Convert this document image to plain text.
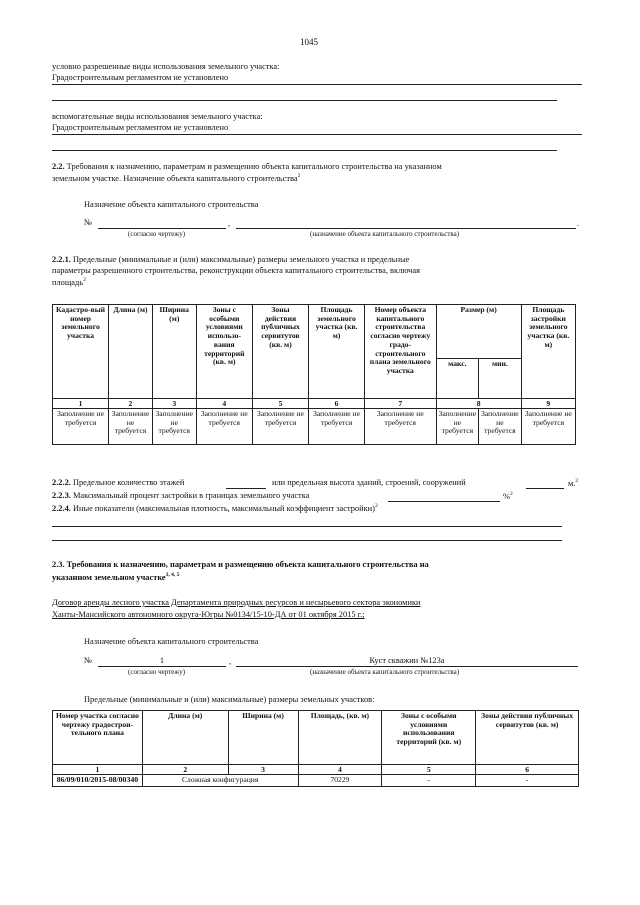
1045
условно разрешенные виды использования земельного участка:
Градостроительным регламентом не установлено
вспомогательные виды использования земельного участка:
Градостроительным регламентом не установлено
2.2. Требования к назначению, параметрам и размещению объекта капитального строительства на указанном
земельном участке. Назначение объекта капитального строительства$^2$
Назначение объекта капитального строительства
№	,	.
(согласно чертежу)	(назначение объекта капитального строительства)
2.2.1. Предельные (минимальные и (или) максимальные) размеры земельного участка и предельные
параметры разрешенного строительства, реконструкции объекта капитального строительства, включая
площадь$^2$
Кадастро-вый номер земельного участка	Длина (м)	Ширина (м)	Зоны с особыми условиями использо-вания территорий (кв. м)	Зоны действия публичных сервитутов (кв. м)	Площадь земельного участка (кв. м)	Номер объекта капитального строительства согласно чертежу градо-строительного плана земельного участка	Размер (м)		Площадь застройки земельного участка (кв. м)
							макс.	мин.	
1	2	3	4	5	6	7	8		9
Заполнение не требуется	Заполнение не требуется	Заполнение не требуется	Заполнение не требуется	Заполнение не требуется	Заполнение не требуется	Заполнение не требуется	Заполнение не требуется	Заполнение не требуется	Заполнение не требуется
2.2.2. Предельное количество этажей	или предельная высота зданий, строений, сооружений	м.$^2$
2.2.3. Максимальный процент застройки в границах земельного участка	%$^2$
2.2.4. Иные показатели (максимальная плотность, максимальный коэффициент застройки)$^2$
2.3. Требования к назначению, параметрам и размещению объекта капитального строительства на
указанном земельном участке$^{3, 4, 5}$
Договор аренды лесного участка Департамента природных ресурсов и несырьевого сектора экономики
Ханты-Мансийского автономного округа-Югры №0134/15-10-ДА от 01 октября 2015 г.;
Назначение объекта капитального строительства
№	1	,	Куст скважин №123а
(согласно чертежу)	(назначение объекта капитального строительства)
Предельные (минимальные и (или) максимальные) размеры земельных участков:
Номер участка согласно чертежу градострои-тельного плана	Длина (м)	Ширина (м)	Площадь, (кв. м)	Зоны с особыми условиями использования территорий (кв. м)	Зоны действия публичных сервитутов (кв. м)
1	2	3	4	5	6
86/09/010/2015-08/00340	Сложная конфигурация		70229	-	-
